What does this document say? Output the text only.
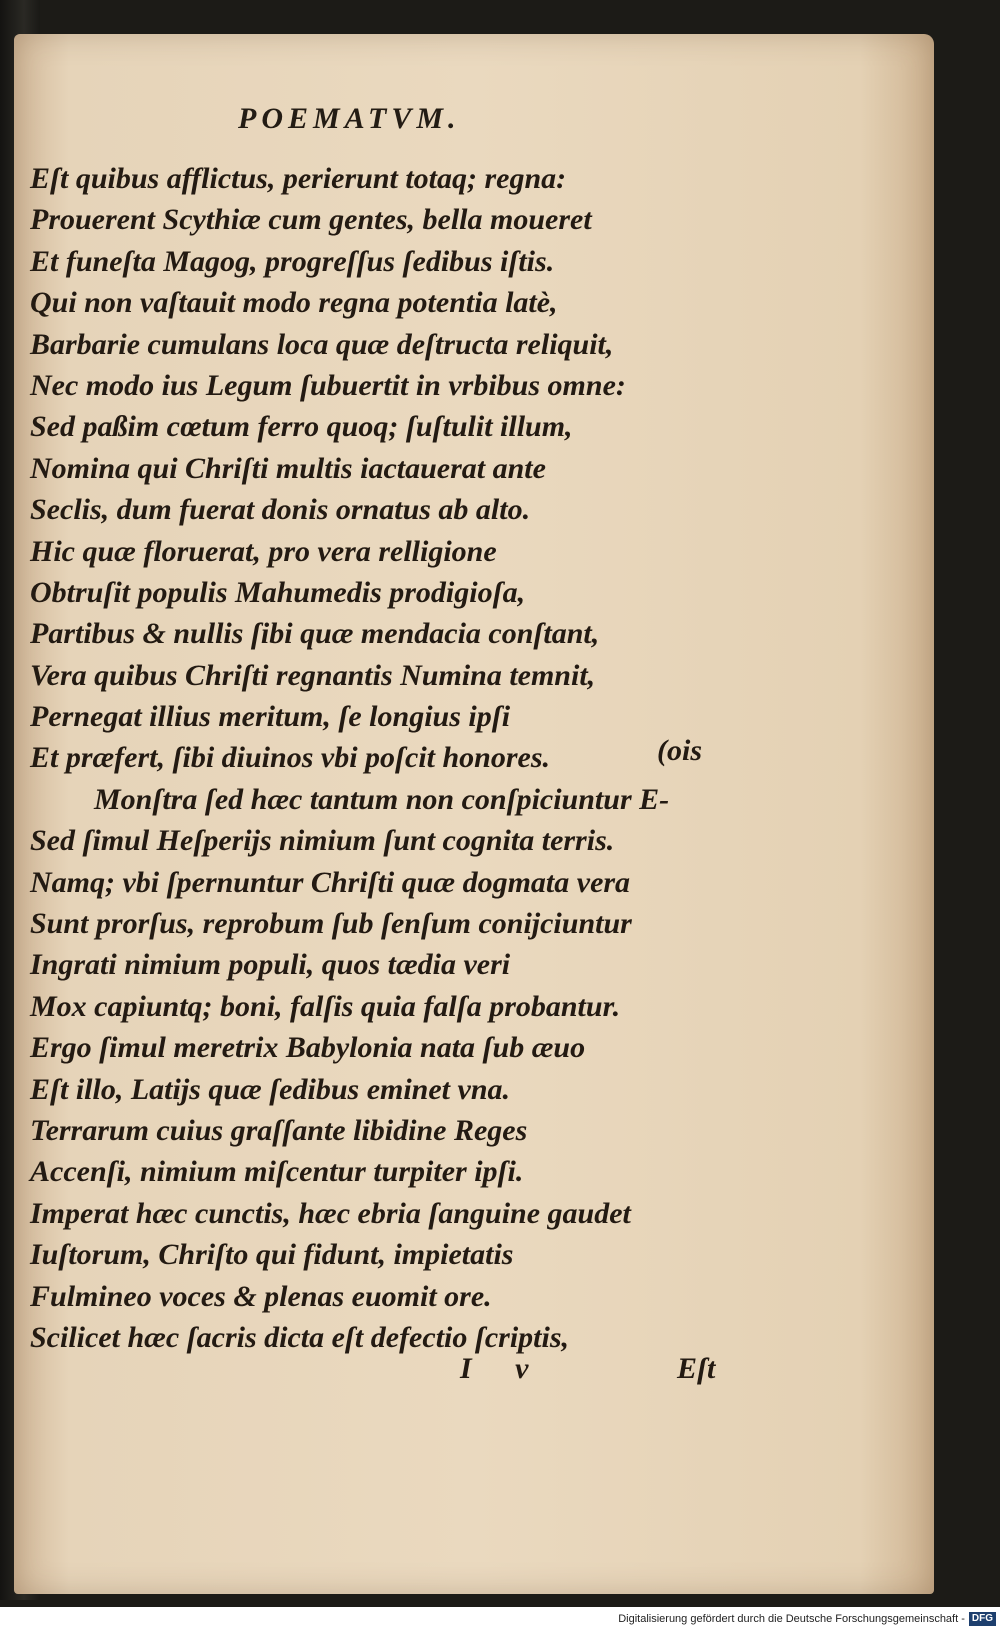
POEMATVM.
Eſt quibus afflictus, perierunt totaq; regna:
Prouerent Scythiæ cum gentes, bella moueret
Et funeſta Magog, progreſſus ſedibus iſtis.
Qui non vaſtauit modo regna potentia latè,
Barbarie cumulans loca quæ deſtructa reliquit,
Nec modo ius Legum ſubuertit in vrbibus omne:
Sed paßim cœtum ferro quoq; ſuſtulit illum,
Nomina qui Chriſti multis iactauerat ante
Seclis, dum fuerat donis ornatus ab alto.
Hic quæ floruerat, pro vera relligione
Obtruſit populis Mahumedis prodigioſa,
Partibus & nullis ſibi quæ mendacia conſtant,
Vera quibus Chriſti regnantis Numina temnit,
Pernegat illius meritum, ſe longius ipſi
Et præfert, ſibi diuinos vbi poſcit honores.
Monſtra ſed hæc tantum non conſpiciuntur E-
Sed ſimul Heſperijs nimium ſunt cognita terris.
Namq; vbi ſpernuntur Chriſti quæ dogmata vera
Sunt prorſus, reprobum ſub ſenſum conijciuntur
Ingrati nimium populi, quos tædia veri
Mox capiuntq; boni, falſis quia falſa probantur.
Ergo ſimul meretrix Babylonia nata ſub æuo
Eſt illo, Latijs quæ ſedibus eminet vna.
Terrarum cuius graſſante libidine Reges
Accenſi, nimium miſcentur turpiter ipſi.
Imperat hæc cunctis, hæc ebria ſanguine gaudet
Iuſtorum, Chriſto qui fidunt, impietatis
Fulmineo voces & plenas euomit ore.
Scilicet hæc ſacris dicta eſt defectio ſcriptis,
(ois
I v	Eſt
Digitalisierung gefördert durch die Deutsche Forschungsgemeinschaft - DFG
